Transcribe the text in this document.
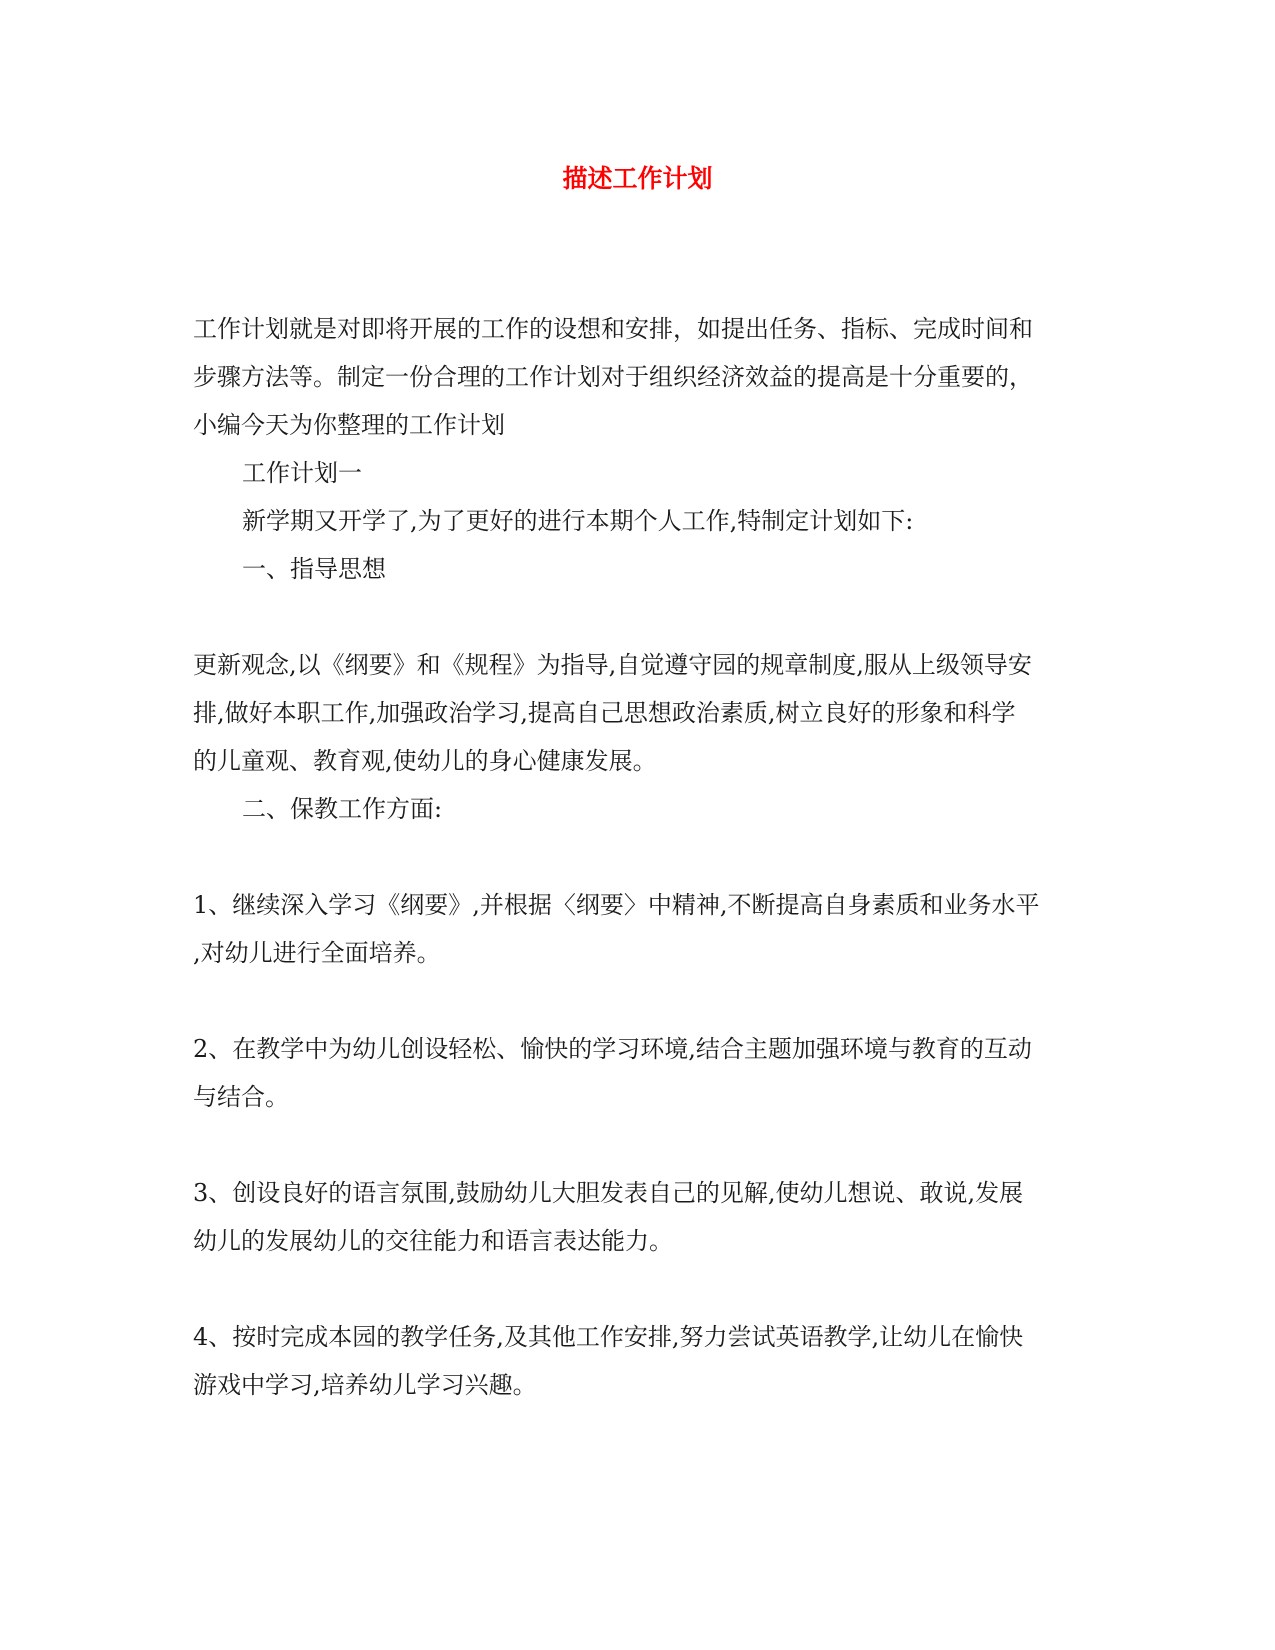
描述工作计划

工作计划就是对即将开展的工作的设想和安排，如提出任务、指标、完成时间和

步骤方法等。制定一份合理的工作计划对于组织经济效益的提高是十分重要的，

小编今天为你整理的工作计划

工作计划一

新学期又开学了,为了更好的进行本期个人工作,特制定计划如下:

一、指导思想

更新观念,以《纲要》和《规程》为指导,自觉遵守园的规章制度,服从上级领导安

排,做好本职工作,加强政治学习,提高自己思想政治素质,树立良好的形象和科学

的儿童观、教育观,使幼儿的身心健康发展。

二、保教工作方面:

1、继续深入学习《纲要》,并根据〈纲要〉中精神,不断提高自身素质和业务水平

,对幼儿进行全面培养。

2、在教学中为幼儿创设轻松、愉快的学习环境,结合主题加强环境与教育的互动

与结合。

3、创设良好的语言氛围,鼓励幼儿大胆发表自己的见解,使幼儿想说、敢说,发展

幼儿的发展幼儿的交往能力和语言表达能力。

4、按时完成本园的教学任务,及其他工作安排,努力尝试英语教学,让幼儿在愉快

游戏中学习,培养幼儿学习兴趣。
